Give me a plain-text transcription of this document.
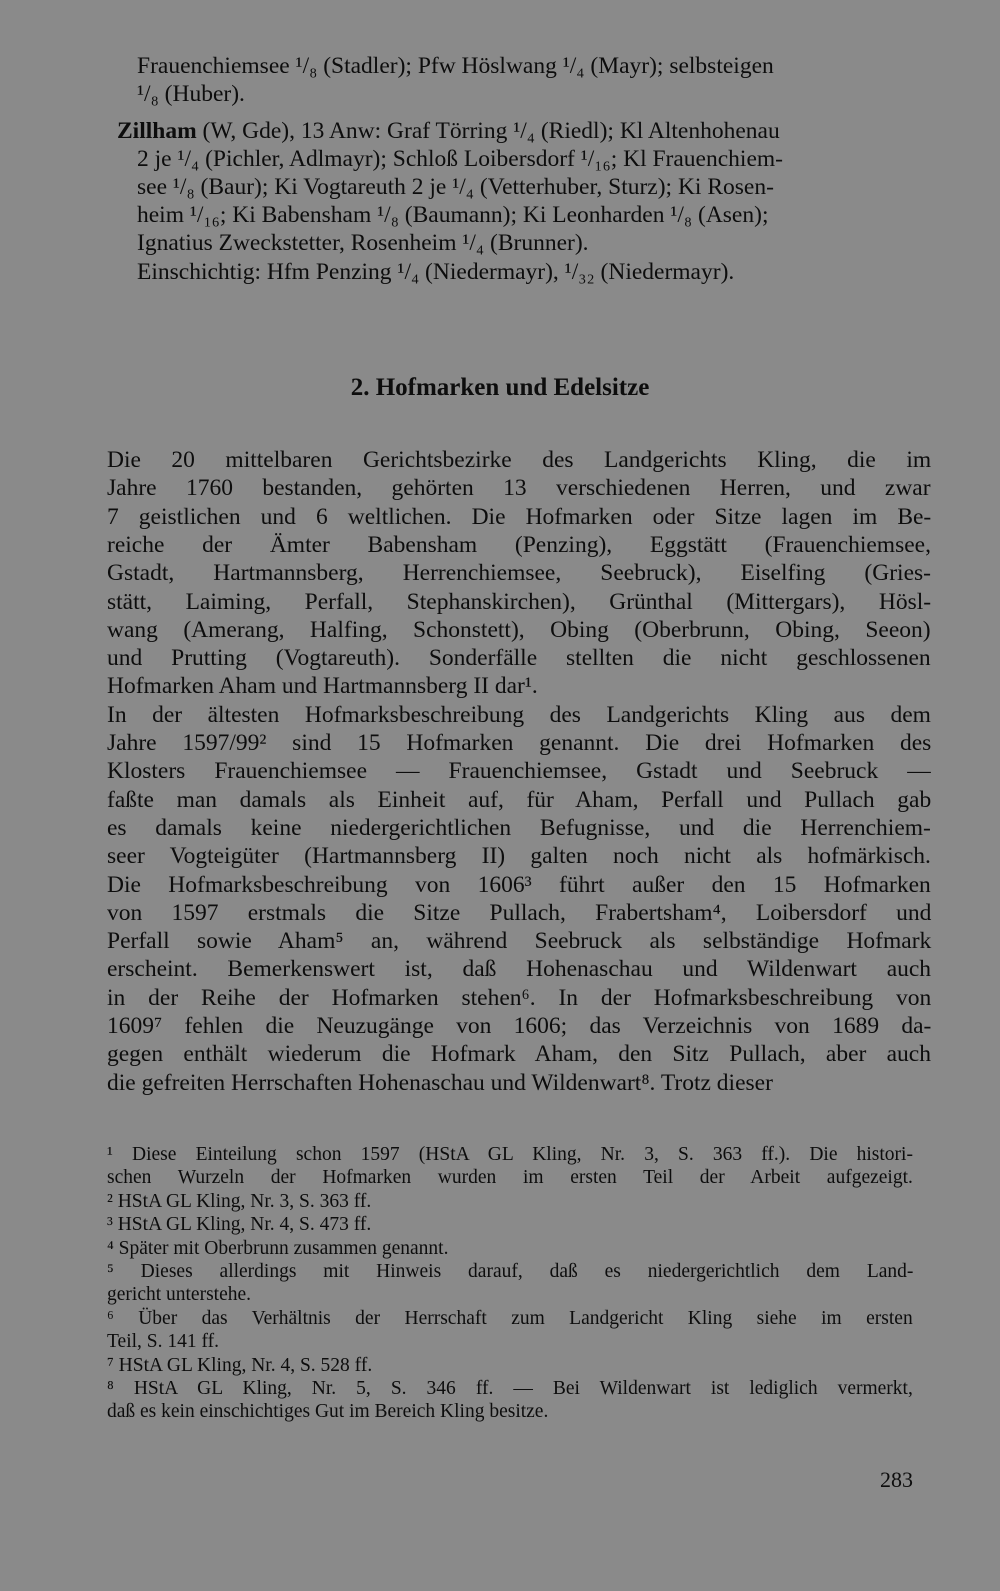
Frauenchiemsee ¹/₈ (Stadler); Pfw Höslwang ¹/₄ (Mayr); selbsteigen
¹/₈ (Huber).
Zillham (W, Gde), 13 Anw: Graf Törring ¹/₄ (Riedl); Kl Altenhohenau
2 je ¹/₄ (Pichler, Adlmayr); Schloß Loibersdorf ¹/₁₆; Kl Frauenchiem-
see ¹/₈ (Baur); Ki Vogtareuth 2 je ¹/₄ (Vetterhuber, Sturz); Ki Rosen-
heim ¹/₁₆; Ki Babensham ¹/₈ (Baumann); Ki Leonharden ¹/₈ (Asen);
Ignatius Zweckstetter, Rosenheim ¹/₄ (Brunner).
Einschichtig: Hfm Penzing ¹/₄ (Niedermayr), ¹/₃₂ (Niedermayr).
2. Hofmarken und Edelsitze
Die 20 mittelbaren Gerichtsbezirke des Landgerichts Kling, die im
Jahre 1760 bestanden, gehörten 13 verschiedenen Herren, und zwar
7 geistlichen und 6 weltlichen. Die Hofmarken oder Sitze lagen im Be-
reiche der Ämter Babensham (Penzing), Eggstätt (Frauenchiemsee,
Gstadt, Hartmannsberg, Herrenchiemsee, Seebruck), Eiselfing (Gries-
stätt, Laiming, Perfall, Stephanskirchen), Grünthal (Mittergars), Hösl-
wang (Amerang, Halfing, Schonstett), Obing (Oberbrunn, Obing, Seeon)
und Prutting (Vogtareuth). Sonderfälle stellten die nicht geschlossenen
Hofmarken Aham und Hartmannsberg II dar¹.
In der ältesten Hofmarksbeschreibung des Landgerichts Kling aus dem
Jahre 1597/99² sind 15 Hofmarken genannt. Die drei Hofmarken des
Klosters Frauenchiemsee — Frauenchiemsee, Gstadt und Seebruck —
faßte man damals als Einheit auf, für Aham, Perfall und Pullach gab
es damals keine niedergerichtlichen Befugnisse, und die Herrenchiem-
seer Vogteigüter (Hartmannsberg II) galten noch nicht als hofmärkisch.
Die Hofmarksbeschreibung von 1606³ führt außer den 15 Hofmarken
von 1597 erstmals die Sitze Pullach, Frabertsham⁴, Loibersdorf und
Perfall sowie Aham⁵ an, während Seebruck als selbständige Hofmark
erscheint. Bemerkenswert ist, daß Hohenaschau und Wildenwart auch
in der Reihe der Hofmarken stehen⁶. In der Hofmarksbeschreibung von
1609⁷ fehlen die Neuzugänge von 1606; das Verzeichnis von 1689 da-
gegen enthält wiederum die Hofmark Aham, den Sitz Pullach, aber auch
die gefreiten Herrschaften Hohenaschau und Wildenwart⁸. Trotz dieser
¹ Diese Einteilung schon 1597 (HStA GL Kling, Nr. 3, S. 363 ff.). Die histori-
schen Wurzeln der Hofmarken wurden im ersten Teil der Arbeit aufgezeigt.
² HStA GL Kling, Nr. 3, S. 363 ff.
³ HStA GL Kling, Nr. 4, S. 473 ff.
⁴ Später mit Oberbrunn zusammen genannt.
⁵ Dieses allerdings mit Hinweis darauf, daß es niedergerichtlich dem Land-
gericht unterstehe.
⁶ Über das Verhältnis der Herrschaft zum Landgericht Kling siehe im ersten
Teil, S. 141 ff.
⁷ HStA GL Kling, Nr. 4, S. 528 ff.
⁸ HStA GL Kling, Nr. 5, S. 346 ff. — Bei Wildenwart ist lediglich vermerkt,
daß es kein einschichtiges Gut im Bereich Kling besitze.
283
